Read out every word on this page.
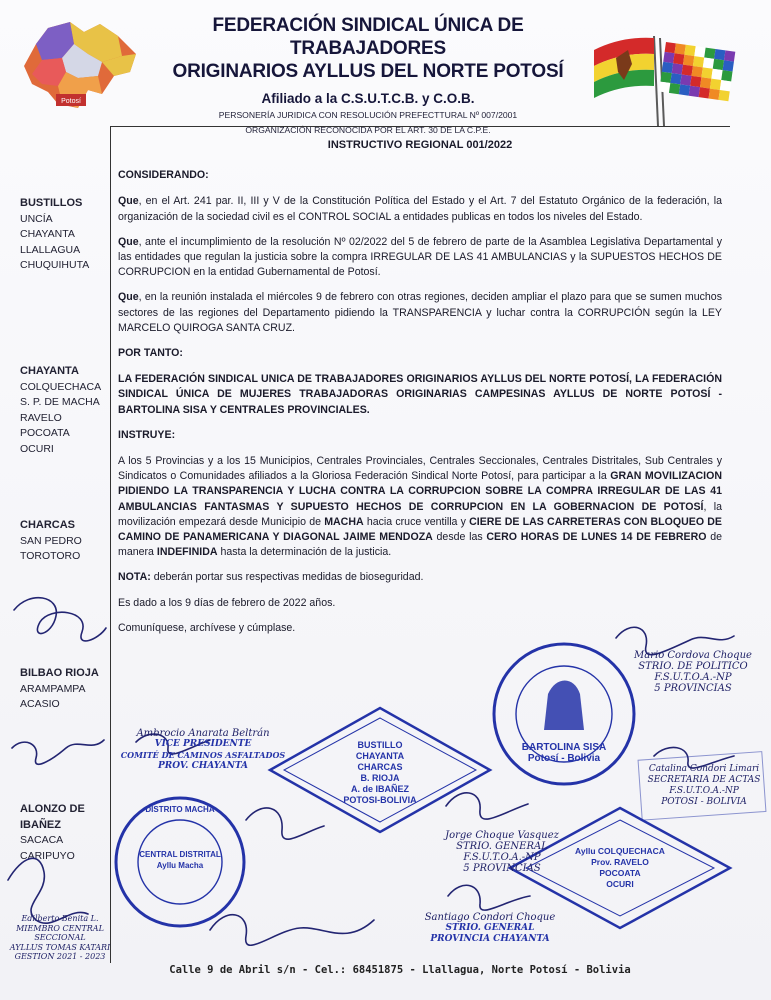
Potosí
FEDERACIÓN SINDICAL ÚNICA DE TRABAJADORES
ORIGINARIOS AYLLUS DEL NORTE POTOSÍ
Afiliado a la C.S.U.T.C.B. y C.O.B.
PERSONERÍA JURIDICA CON RESOLUCIÓN PREFECTTURAL Nº 007/2001
ORGANIZACIÓN RECONOCIDA POR EL ART. 30 DE LA C.P.E.
BUSTILLOS
UNCÍA
CHAYANTA
LLALLAGUA
CHUQUIHUTA
CHAYANTA
COLQUECHACA
S. P. DE MACHA
RAVELO
POCOATA
OCURI
CHARCAS
SAN PEDRO
TOROTORO
BILBAO RIOJA
ARAMPAMPA
ACASIO
ALONZO DE IBAÑEZ
SACACA
CARIPUYO
INSTRUCTIVO REGIONAL 001/2022
CONSIDERANDO:
Que, en el Art. 241 par. II, III y V de la Constitución Política del Estado y el Art. 7 del Estatuto Orgánico de la federación, la organización de la sociedad civil es el CONTROL SOCIAL a entidades publicas en todos los niveles del Estado.
Que, ante el incumplimiento de la resolución Nº 02/2022 del 5 de febrero de parte de la Asamblea Legislativa Departamental y las entidades que regulan la justicia sobre la compra IRREGULAR DE LAS 41 AMBULANCIAS y la SUPUESTOS HECHOS DE CORRUPCION en la entidad Gubernamental de Potosí.
Que, en la reunión instalada el miércoles 9 de febrero con otras regiones, deciden ampliar el plazo para que se sumen muchos sectores de las regiones del Departamento pidiendo la TRANSPARENCIA y luchar contra la CORRUPCIÓN según la LEY MARCELO QUIROGA SANTA CRUZ.
POR TANTO:
LA FEDERACIÓN SINDICAL UNICA DE TRABAJADORES ORIGINARIOS AYLLUS DEL NORTE POTOSÍ, LA FEDERACIÓN SINDICAL ÚNICA DE MUJERES TRABAJADORAS ORIGINARIAS CAMPESINAS AYLLUS DE NORTE POTOSÍ - BARTOLINA SISA Y CENTRALES PROVINCIALES.
INSTRUYE:
A los 5 Provincias y a los 15 Municipios, Centrales Provinciales, Centrales Seccionales, Centrales Distritales, Sub Centrales y Sindicatos o Comunidades afiliados a la Gloriosa Federación Sindical Norte Potosí, para participar a la GRAN MOVILIZACION PIDIENDO LA TRANSPARENCIA Y LUCHA CONTRA LA CORRUPCION SOBRE LA COMPRA IRREGULAR DE LAS 41 AMBULANCIAS FANTASMAS Y SUPUESTO HECHOS DE CORRUPCION EN LA GOBERNACION DE POTOSÍ, la movilización empezará desde Municipio de MACHA hacia cruce ventilla y CIERE DE LAS CARRETERAS CON BLOQUEO DE CAMINO DE PANAMERICANA Y DIAGONAL JAIME MENDOZA desde las CERO HORAS DE LUNES 14 DE FEBRERO de manera INDEFINIDA hasta la determinación de la justicia.
NOTA: deberán portar sus respectivas medidas de bioseguridad.
Es dado a los 9 días de febrero de 2022 años.
Comuníquese, archívese y cúmplase.
Ambrocio Anarata Beltrán
VICE PRESIDENTE
COMITÉ DE CAMINOS ASFALTADOS
PROV. CHAYANTA
BUSTILLO
CHAYANTA
CHARCAS
B. RIOJA
A. de IBAÑEZ
POTOSI-BOLIVIA
BARTOLINA SISA
Potosí - Bolivia
Mario Cordova Choque
STRIO. DE POLITICO
F.S.U.T.O.A.-NP
5 PROVINCIAS
Jorge Choque Vasquez
STRIO. GENERAL
F.S.U.T.O.A.-NP
5 PROVINCIAS
Catalina Condori Limari
SECRETARIA DE ACTAS
F.S.U.T.O.A.-NP
POTOSI - BOLIVIA
DISTRITO MACHA
CENTRAL DISTRITAL
Ayllu Macha
Ayllu COLQUECHACA
Prov. RAVELO
POCOATA
OCURI
Santiago Condori Choque
STRIO. GENERAL
PROVINCIA CHAYANTA
Edilberto Benita L.
MIEMBRO CENTRAL SECCIONAL
AYLLUS TOMAS KATARI
GESTION 2021 - 2023
Calle 9 de Abril s/n - Cel.: 68451875 - Llallagua, Norte Potosí - Bolivia
